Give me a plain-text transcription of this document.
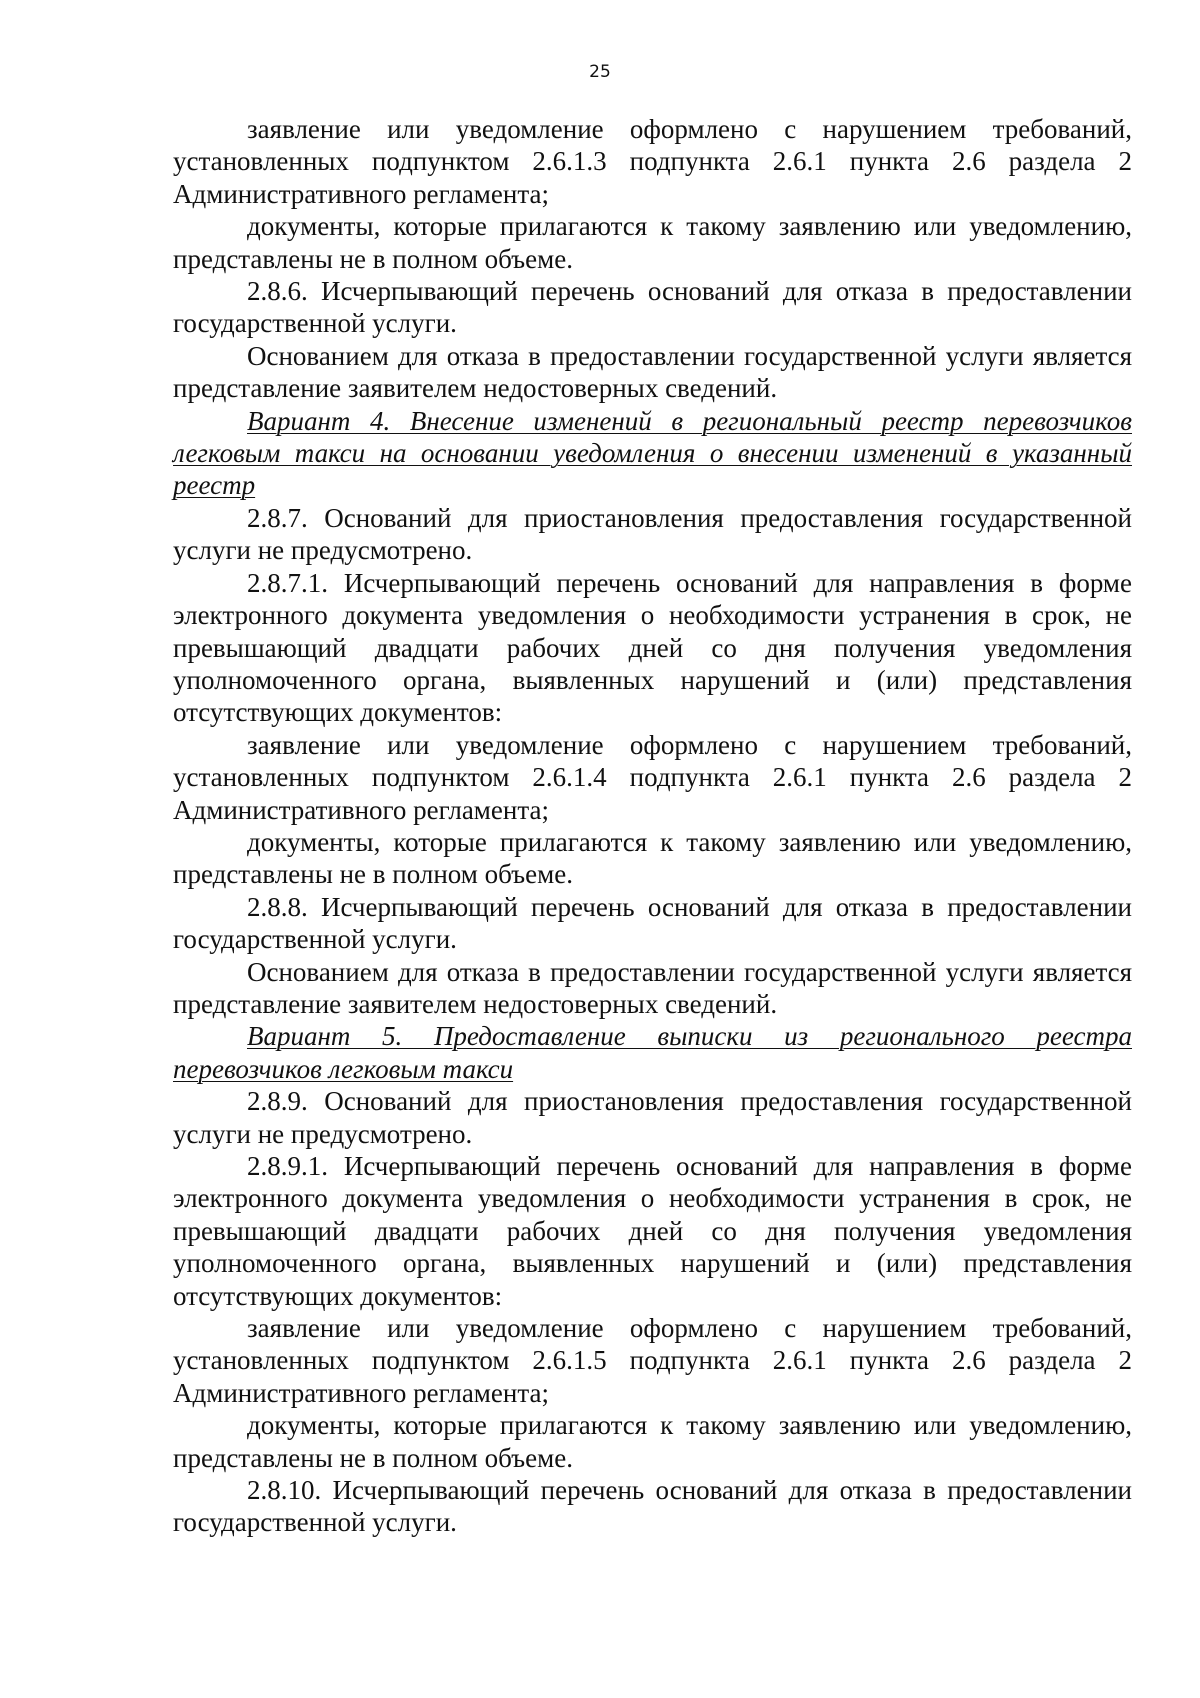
25

заявление или уведомление оформлено с нарушением требований, установленных подпунктом 2.6.1.3 подпункта 2.6.1 пункта 2.6 раздела 2 Административного регламента;

документы, которые прилагаются к такому заявлению или уведомлению, представлены не в полном объеме.

2.8.6. Исчерпывающий перечень оснований для отказа в предоставлении государственной услуги.

Основанием для отказа в предоставлении государственной услуги является представление заявителем недостоверных сведений.

Вариант 4. Внесение изменений в региональный реестр перевозчиков легковым такси на основании уведомления о внесении изменений в указанный реестр

2.8.7. Оснований для приостановления предоставления государственной услуги не предусмотрено.

2.8.7.1. Исчерпывающий перечень оснований для направления в форме электронного документа уведомления о необходимости устранения в срок, не превышающий двадцати рабочих дней со дня получения уведомления уполномоченного органа, выявленных нарушений и (или) представления отсутствующих документов:

заявление или уведомление оформлено с нарушением требований, установленных подпунктом 2.6.1.4 подпункта 2.6.1 пункта 2.6 раздела 2 Административного регламента;

документы, которые прилагаются к такому заявлению или уведомлению, представлены не в полном объеме.

2.8.8. Исчерпывающий перечень оснований для отказа в предоставлении государственной услуги.

Основанием для отказа в предоставлении государственной услуги является представление заявителем недостоверных сведений.

Вариант 5. Предоставление выписки из регионального реестра перевозчиков легковым такси

2.8.9. Оснований для приостановления предоставления государственной услуги не предусмотрено.

2.8.9.1. Исчерпывающий перечень оснований для направления в форме электронного документа уведомления о необходимости устранения в срок, не превышающий двадцати рабочих дней со дня получения уведомления уполномоченного органа, выявленных нарушений и (или) представления отсутствующих документов:

заявление или уведомление оформлено с нарушением требований, установленных подпунктом 2.6.1.5 подпункта 2.6.1 пункта 2.6 раздела 2 Административного регламента;

документы, которые прилагаются к такому заявлению или уведомлению, представлены не в полном объеме.

2.8.10. Исчерпывающий перечень оснований для отказа в предоставлении государственной услуги.
